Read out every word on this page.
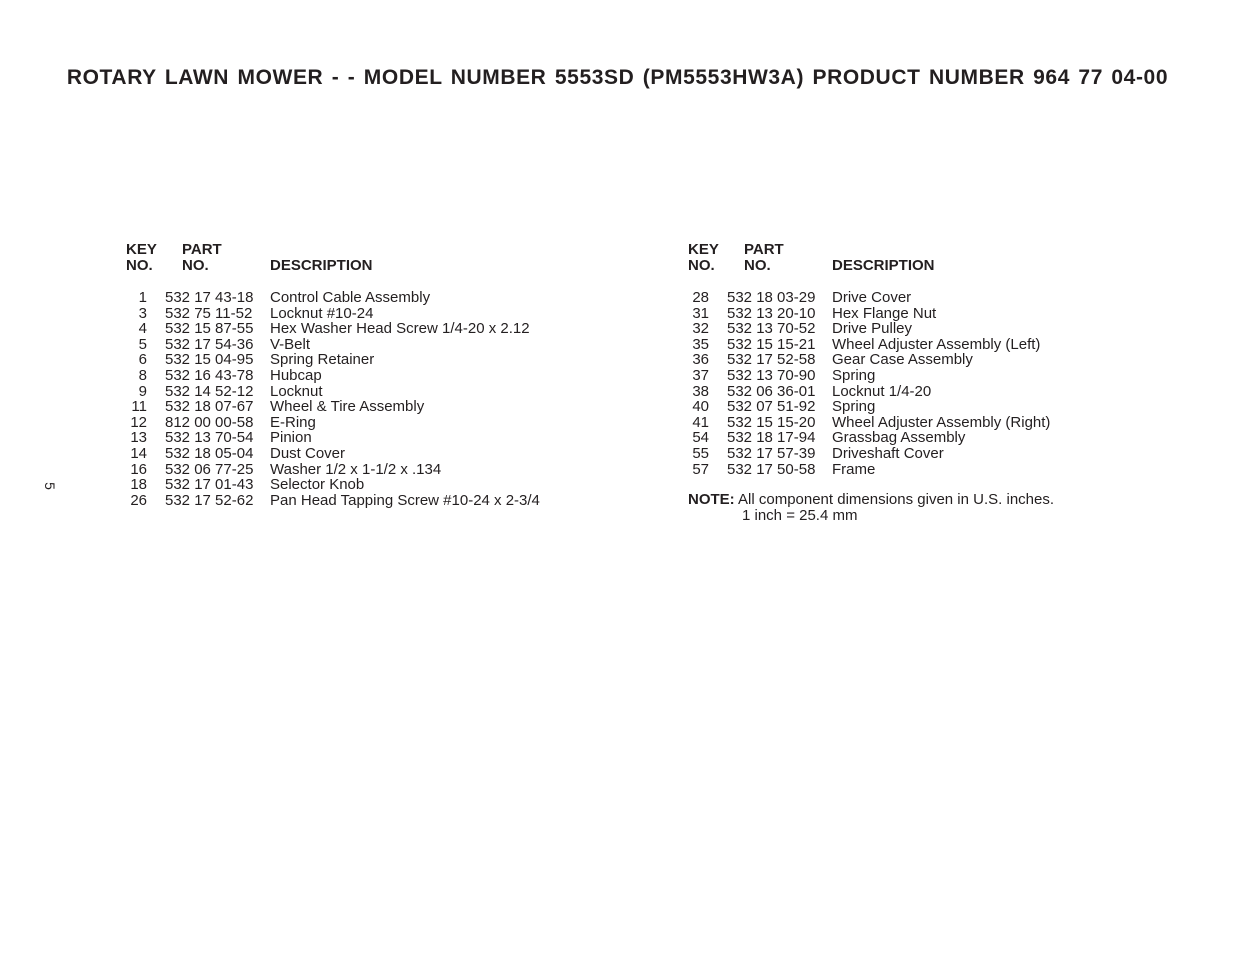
ROTARY LAWN MOWER - - MODEL NUMBER 5553SD (PM5553HW3A) PRODUCT NUMBER 964 77 04-00
5
KEY
NO.
PART
NO.	DESCRIPTION
1 532 17 43-18 Control Cable Assembly
3 532 75 11-52 Locknut #10-24
4 532 15 87-55 Hex Washer Head Screw 1/4-20 x 2.12
5 532 17 54-36 V-Belt
6 532 15 04-95 Spring Retainer
8 532 16 43-78 Hubcap
9 532 14 52-12 Locknut
11 532 18 07-67 Wheel & Tire Assembly
12 812 00 00-58 E-Ring
13 532 13 70-54 Pinion
14 532 18 05-04 Dust Cover
16 532 06 77-25 Washer 1/2 x 1-1/2 x .134
18 532 17 01-43 Selector Knob
26 532 17 52-62 Pan Head Tapping Screw #10-24 x 2-3/4
KEY
NO.
PART
NO.	DESCRIPTION
28 532 18 03-29 Drive Cover
31 532 13 20-10 Hex Flange Nut
32 532 13 70-52 Drive Pulley
35 532 15 15-21 Wheel Adjuster Assembly (Left)
36 532 17 52-58 Gear Case Assembly
37 532 13 70-90 Spring
38 532 06 36-01 Locknut 1/4-20
40 532 07 51-92 Spring
41 532 15 15-20 Wheel Adjuster Assembly (Right)
54 532 18 17-94 Grassbag Assembly
55 532 17 57-39 Driveshaft Cover
57 532 17 50-58 Frame
NOTE: All component dimensions given in U.S. inches.
1 inch = 25.4 mm
